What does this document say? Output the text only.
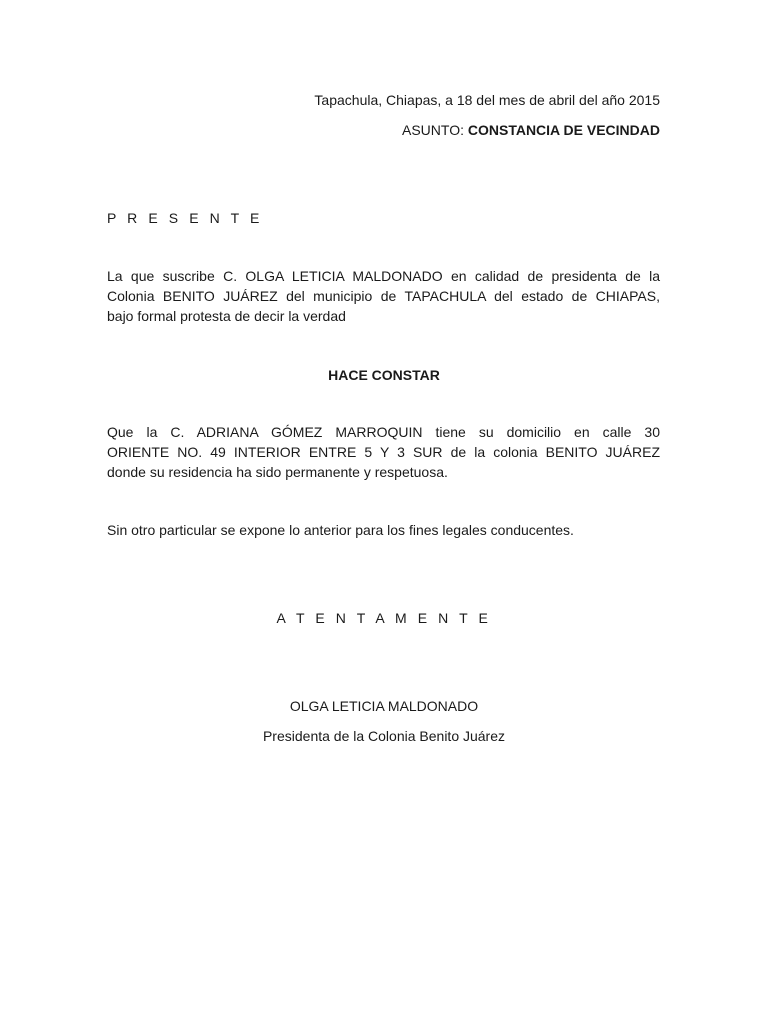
Tapachula, Chiapas, a 18 del mes de abril del año 2015
ASUNTO: CONSTANCIA DE VECINDAD
P R E S E N T E
La que suscribe C. OLGA LETICIA MALDONADO en calidad de presidenta de la
Colonia BENITO JUÁREZ del municipio de TAPACHULA del estado de CHIAPAS,
bajo formal protesta de decir la verdad
HACE CONSTAR
Que la C. ADRIANA GÓMEZ MARROQUIN tiene su domicilio en calle 30
ORIENTE NO. 49 INTERIOR ENTRE 5 Y 3 SUR de la colonia BENITO JUÁREZ
donde su residencia ha sido permanente y respetuosa.
Sin otro particular se expone lo anterior para los fines legales conducentes.
A T E N T A M E N T E
OLGA LETICIA MALDONADO
Presidenta de la Colonia Benito Juárez
